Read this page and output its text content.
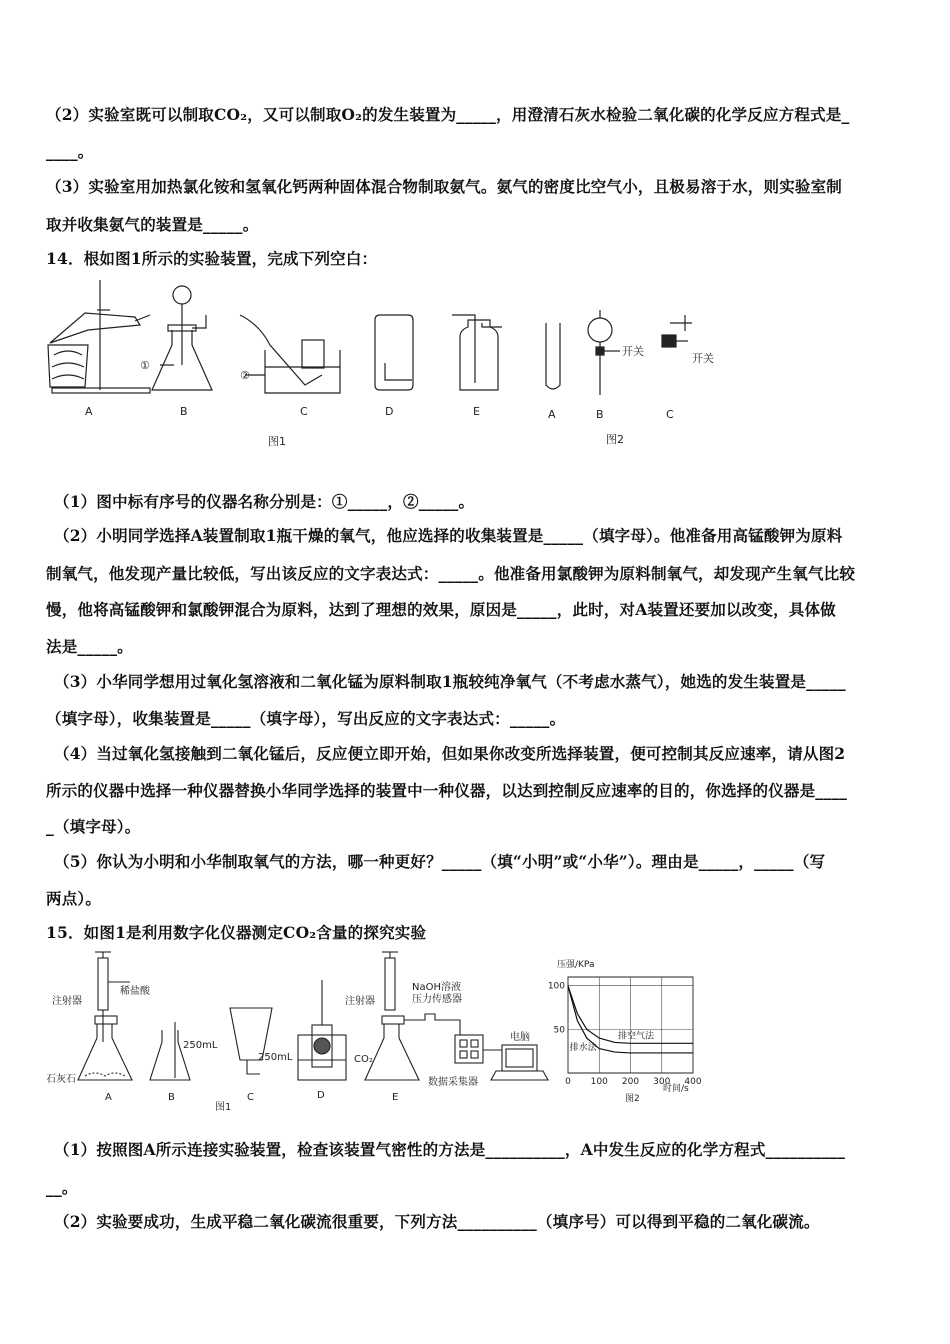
（2）实验室既可以制取CO₂，又可以制取O₂的发生装置为_____，用澄清石灰水检验二氧化碳的化学反应方程式是_
____。
（3）实验室用加热氯化铵和氢氧化钙两种固体混合物制取氨气。氨气的密度比空气小，且极易溶于水，则实验室制
取并收集氨气的装置是_____。
14．根如图1所示的实验装置，完成下列空白：
A	B	C	D	E	A	B	C
①
②
开关
开关
图1	图2
（1）图中标有序号的仪器名称分别是：①_____，②_____。
（2）小明同学选择A装置制取1瓶干燥的氧气，他应选择的收集装置是_____（填字母）。他准备用高锰酸钾为原料
制氧气，他发现产量比较低，写出该反应的文字表达式：_____。他准备用氯酸钾为原料制氧气，却发现产生氧气比较
慢，他将高锰酸钾和氯酸钾混合为原料，达到了理想的效果，原因是_____，此时，对A装置还要加以改变，具体做
法是_____。
（3）小华同学想用过氧化氢溶液和二氧化锰为原料制取1瓶较纯净氧气（不考虑水蒸气），她选的发生装置是_____
（填字母），收集装置是_____（填字母），写出反应的文字表达式：_____。
（4）当过氧化氢接触到二氧化锰后，反应便立即开始，但如果你改变所选择装置，便可控制其反应速率，请从图2
所示的仪器中选择一种仪器替换小华同学选择的装置中一种仪器，以达到控制反应速率的目的，你选择的仪器是____
_（填字母）。
（5）你认为小明和小华制取氧气的方法，哪一种更好？_____（填“小明”或“小华”）。理由是_____，_____（写
两点）。
15．如图1是利用数字化仪器测定CO₂含量的探究实验
A	B	C	D	E
注射器
稀盐酸
石灰石
250mL
250mL
注射器
NaOH溶液
压力传感器
CO₂
数据采集器
电脑
图1
压强/KPa
时间/s
图2
50
100
0 100 200 300 400
排空气法
排水法
（1）按照图A所示连接实验装置，检查该装置气密性的方法是__________，A中发生反应的化学方程式__________
__。
（2）实验要成功，生成平稳二氧化碳流很重要，下列方法__________（填序号）可以得到平稳的二氧化碳流。
